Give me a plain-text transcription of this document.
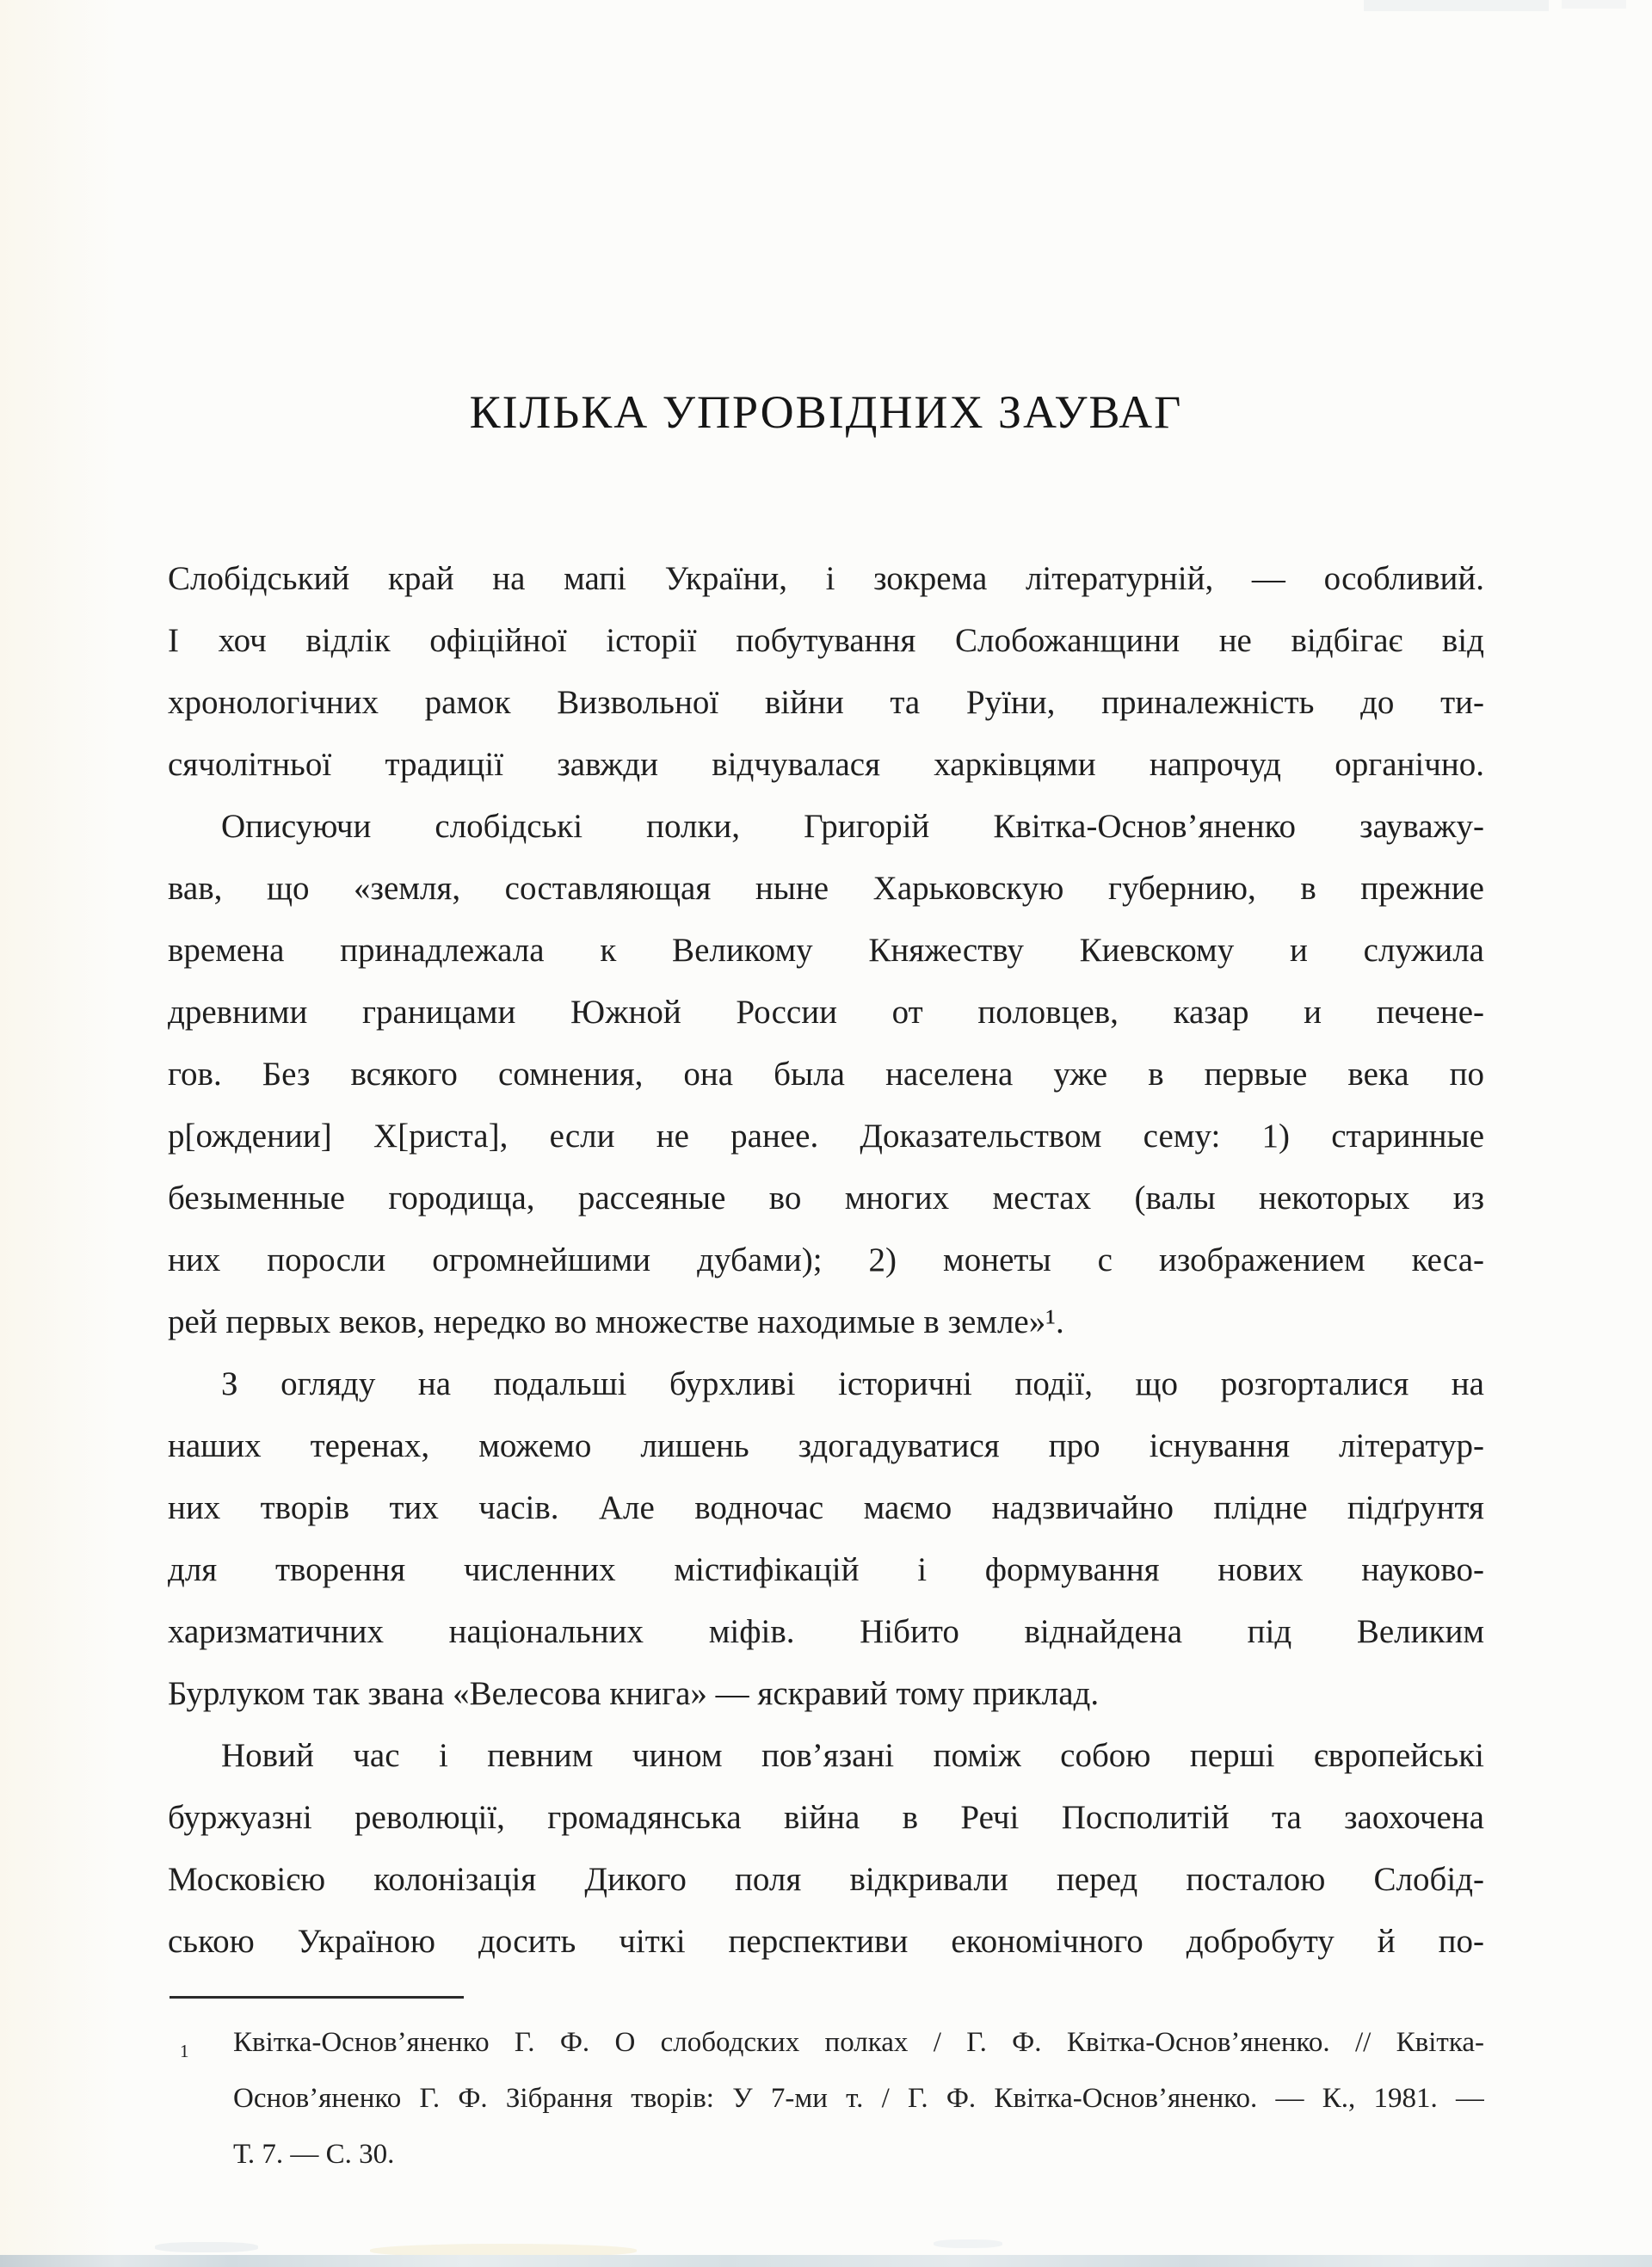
КІЛЬКА УПРОВІДНИХ ЗАУВАГ
Слобідський край на мапі України, і зокрема літературній, — особливий.
І хоч відлік офіційної історії побутування Слобожанщини не відбігає від
хронологічних рамок Визвольної війни та Руїни, приналежність до ти-
сячолітньої традиції завжди відчувалася харківцями напрочуд органічно.
Описуючи слобідські полки, Григорій Квітка-Основ’яненко зауважу-
вав, що «земля, составляющая ныне Харьковскую губернию, в прежние
времена принадлежала к Великому Княжеству Киевскому и служила
древними границами Южной России от половцев, казар и печене-
гов. Без всякого сомнения, она была населена уже в первые века по
р[ождении] Х[риста], если не ранее. Доказательством сему: 1) старинные
безыменные городища, рассеяные во многих местах (валы некоторых из
них поросли огромнейшими дубами); 2) монеты с изображением кеса-
рей первых веков, нередко во множестве находимые в земле»¹.
З огляду на подальші бурхливі історичні події, що розгорталися на
наших теренах, можемо лишень здогадуватися про існування літератур-
них творів тих часів. Але водночас маємо надзвичайно плідне підґрунтя
для творення численних містифікацій і формування нових науково-
харизматичних національних міфів. Нібито віднайдена під Великим
Бурлуком так звана «Велесова книга» — яскравий тому приклад.
Новий час і певним чином пов’язані поміж собою перші європейські
буржуазні революції, громадянська війна в Речі Посполитій та заохочена
Московією колонізація Дикого поля відкривали перед посталою Слобід-
ською Україною досить чіткі перспективи економічного добробуту й по-
1	Квітка-Основ’яненко Г. Ф. О слободских полках / Г. Ф. Квітка-Основ’яненко. // Квітка-
Основ’яненко Г. Ф. Зібрання творів: У 7-ми т. / Г. Ф. Квітка-Основ’яненко. — К., 1981. —
Т. 7. — С. 30.
